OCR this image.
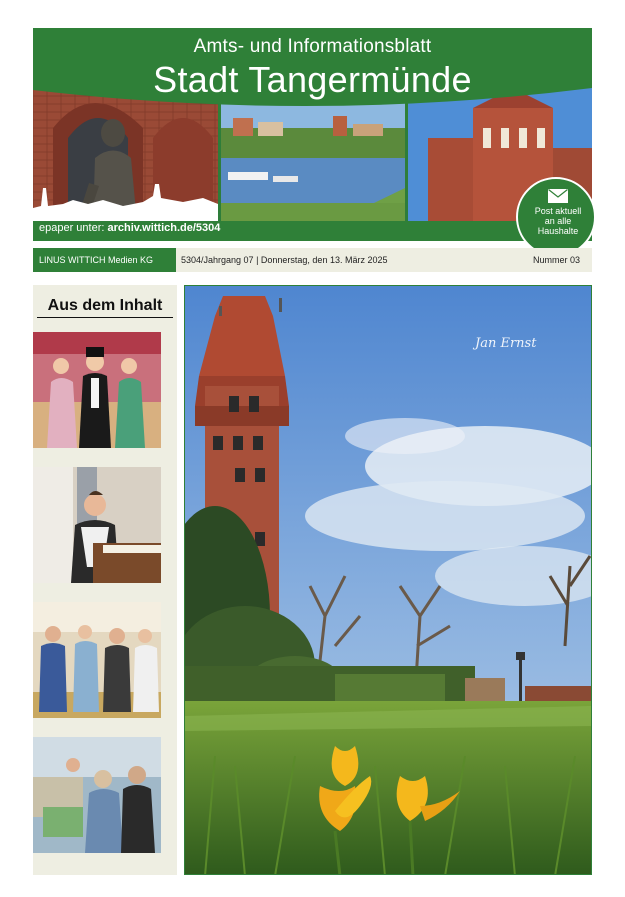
Amts- und Informationsblatt
Stadt Tangermünde
epaper unter: archiv.wittich.de/5304
Post aktuell
an alle
Haushalte
LINUS WITTICH Medien KG	5304/Jahrgang 07 | Donnerstag, den 13. März 2025	Nummer 03
Aus dem Inhalt
Jan Ernst
